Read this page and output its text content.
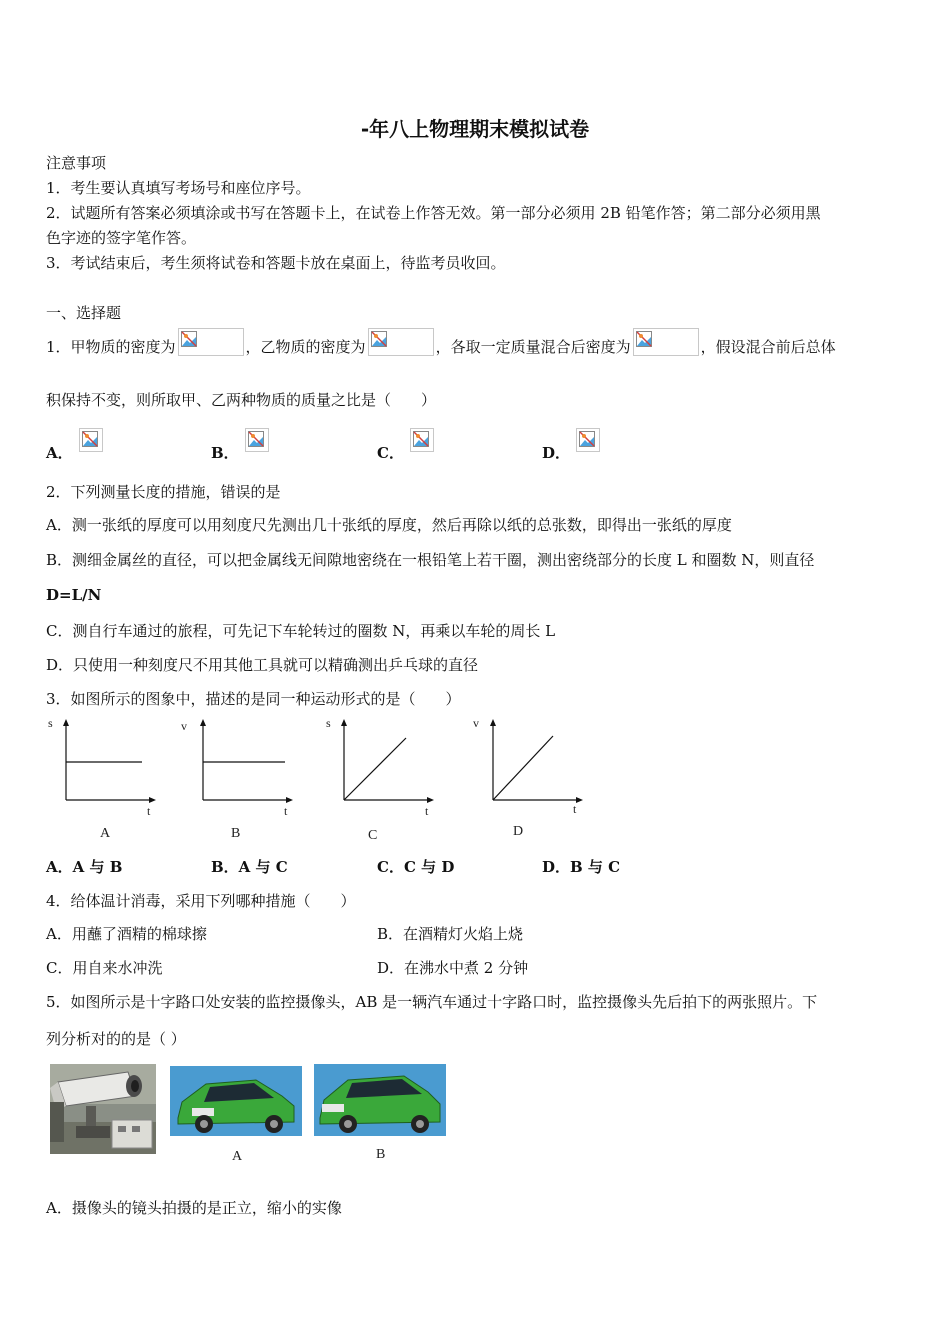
-年八上物理期末模拟试卷
注意事项
1．考生要认真填写考场号和座位序号。
2．试题所有答案必须填涂或书写在答题卡上，在试卷上作答无效。第一部分必须用 2B 铅笔作答；第二部分必须用黑
色字迹的签字笔作答。
3．考试结束后，考生须将试卷和答题卡放在桌面上，待监考员收回。
一、选择题
1．甲物质的密度为	，乙物质的密度为	，各取一定质量混合后密度为	，假设混合前后总体
积保持不变，则所取甲、乙两种物质的质量之比是（　　）
A．	B．	C．	D．
2．下列测量长度的措施，错误的是
A．测一张纸的厚度可以用刻度尺先测出几十张纸的厚度，然后再除以纸的总张数，即得出一张纸的厚度
B．测细金属丝的直径，可以把金属线无间隙地密绕在一根铅笔上若干圈，测出密绕部分的长度 L 和圈数 N，则直径
D=L/N
C．测自行车通过的旅程，可先记下车轮转过的圈数 N，再乘以车轮的周长 L
D．只使用一种刻度尺不用其他工具就可以精确测出乒乓球的直径
3．如图所示的图象中，描述的是同一种运动形式的是（　　）
s
t
A
v
t
B
s
t
C
v
t
D
A．A 与 B	B．A 与 C	C．C 与 D	D．B 与 C
4．给体温计消毒，采用下列哪种措施（　　）
A．用蘸了酒精的棉球擦	B．在酒精灯火焰上烧
C．用自来水冲洗	D．在沸水中煮 2 分钟
5．如图所示是十字路口处安装的监控摄像头，AB 是一辆汽车通过十字路口时，监控摄像头先后拍下的两张照片。下
列分析对的的是（ ）
A	B
A．摄像头的镜头拍摄的是正立，缩小的实像
